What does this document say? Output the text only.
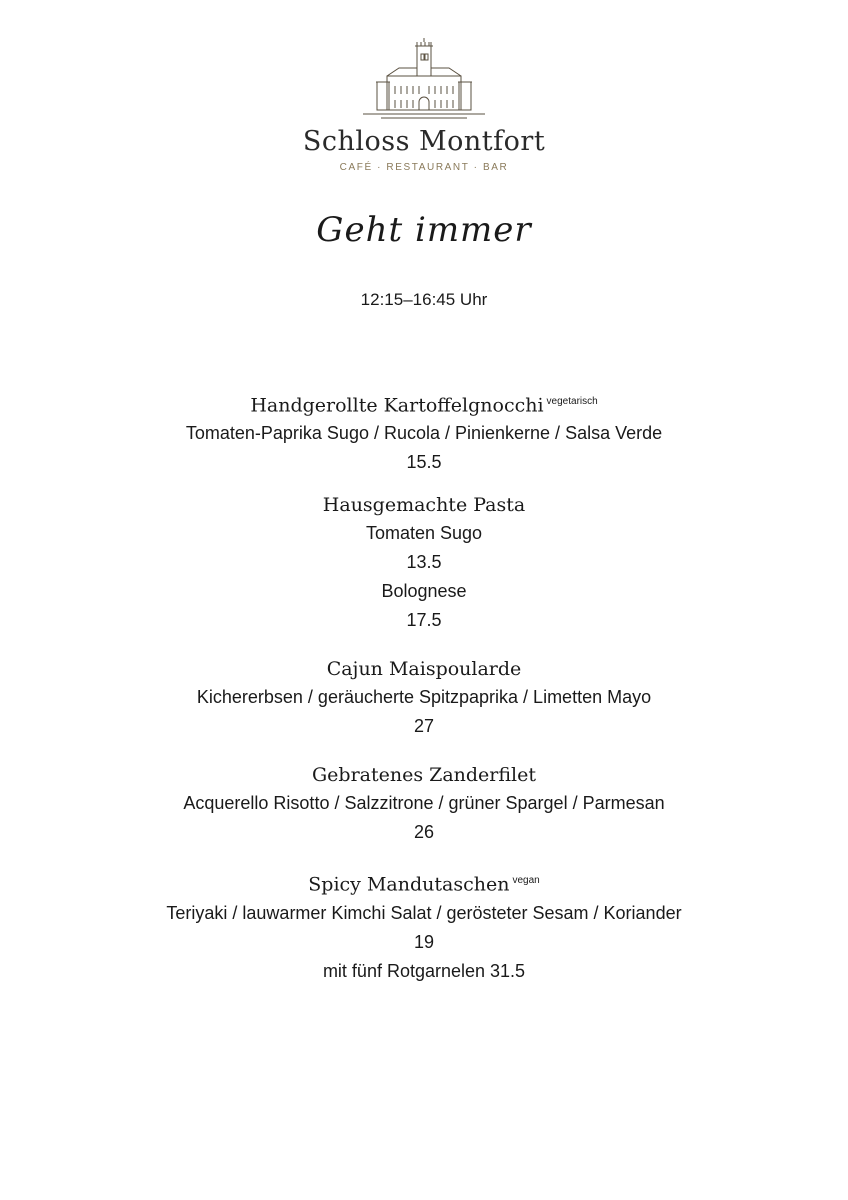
Schloss Montfort
CAFÉ · RESTAURANT · BAR
Geht immer
12:15–16:45 Uhr
Handgerollte Kartoffelgnocchi $^{vegetarisch}$
Tomaten-Paprika Sugo / Rucola / Pinienkerne / Salsa Verde
15.5
Hausgemachte Pasta
Tomaten Sugo
13.5
Bolognese
17.5
Cajun Maispoularde
Kichererbsen / geräucherte Spitzpaprika / Limetten Mayo
27
Gebratenes Zanderfilet
Acquerello Risotto / Salzzitrone / grüner Spargel / Parmesan
26
Spicy Mandutaschen $^{vegan}$
Teriyaki / lauwarmer Kimchi Salat / gerösteter Sesam / Koriander
19
mit fünf Rotgarnelen 31.5
